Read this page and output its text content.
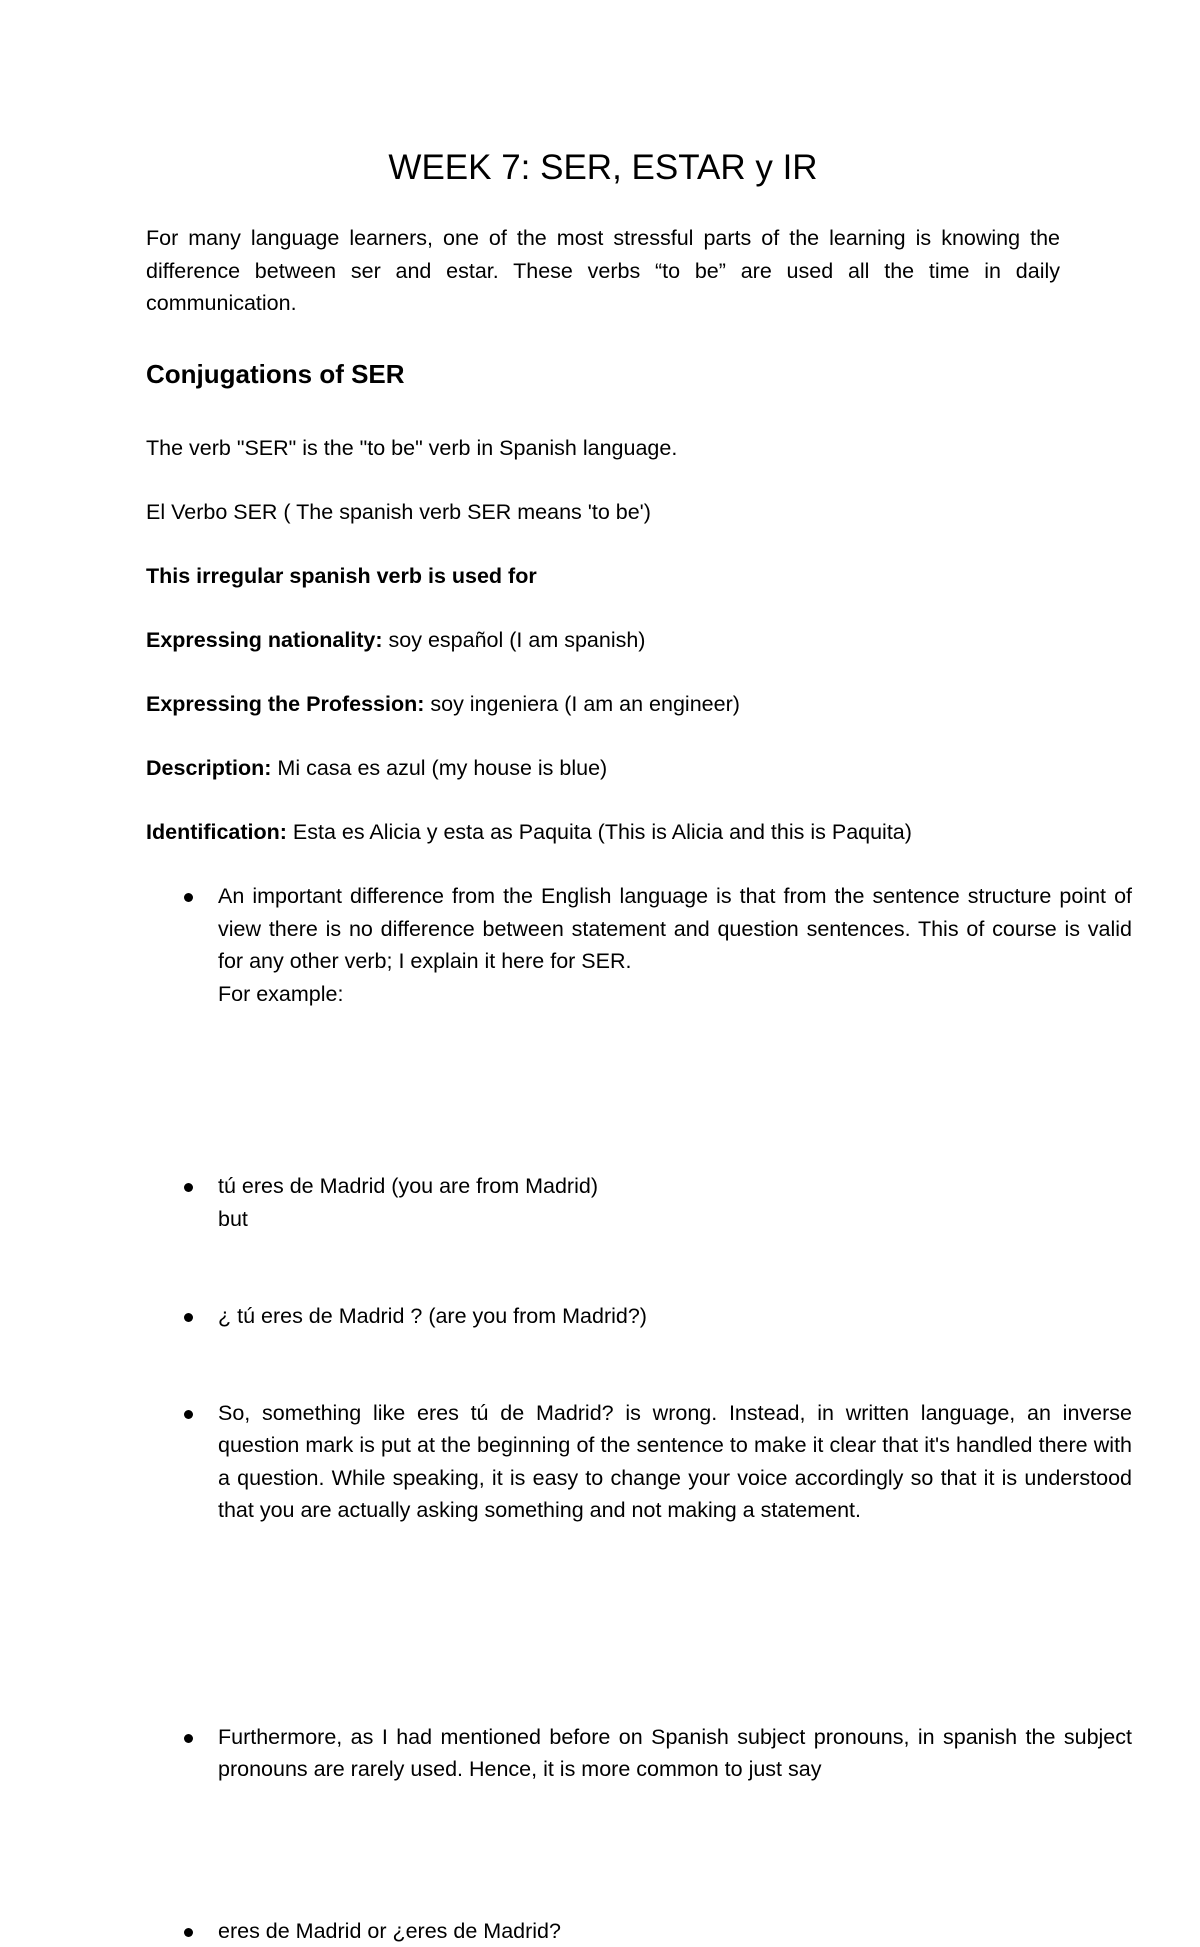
WEEK 7: SER, ESTAR y IR

For many language learners, one of the most stressful parts of the learning is knowing the difference between ser and estar. These verbs “to be” are used all the time in daily communication.

Conjugations of SER

The verb "SER" is the "to be" verb in Spanish language.

El Verbo SER ( The spanish verb SER means 'to be')

This irregular spanish verb is used for

Expressing nationality: soy español (I am spanish)

Expressing the Profession: soy ingeniera (I am an engineer)

Description: Mi casa es azul (my house is blue)

Identification: Esta es Alicia y esta as Paquita (This is Alicia and this is Paquita)

An important difference from the English language is that from the sentence structure point of view there is no difference between statement and question sentences. This of course is valid for any other verb; I explain it here for SER.
For example:
tú eres de Madrid (you are from Madrid)
but
¿ tú eres de Madrid ? (are you from Madrid?)
So, something like eres tú de Madrid? is wrong. Instead, in written language, an inverse question mark is put at the beginning of the sentence to make it clear that it's handled there with a question. While speaking, it is easy to change your voice accordingly so that it is understood that you are actually asking something and not making a statement.
Furthermore, as I had mentioned before on Spanish subject pronouns, in spanish the subject pronouns are rarely used. Hence, it is more common to just say
eres de Madrid or ¿eres de Madrid?
